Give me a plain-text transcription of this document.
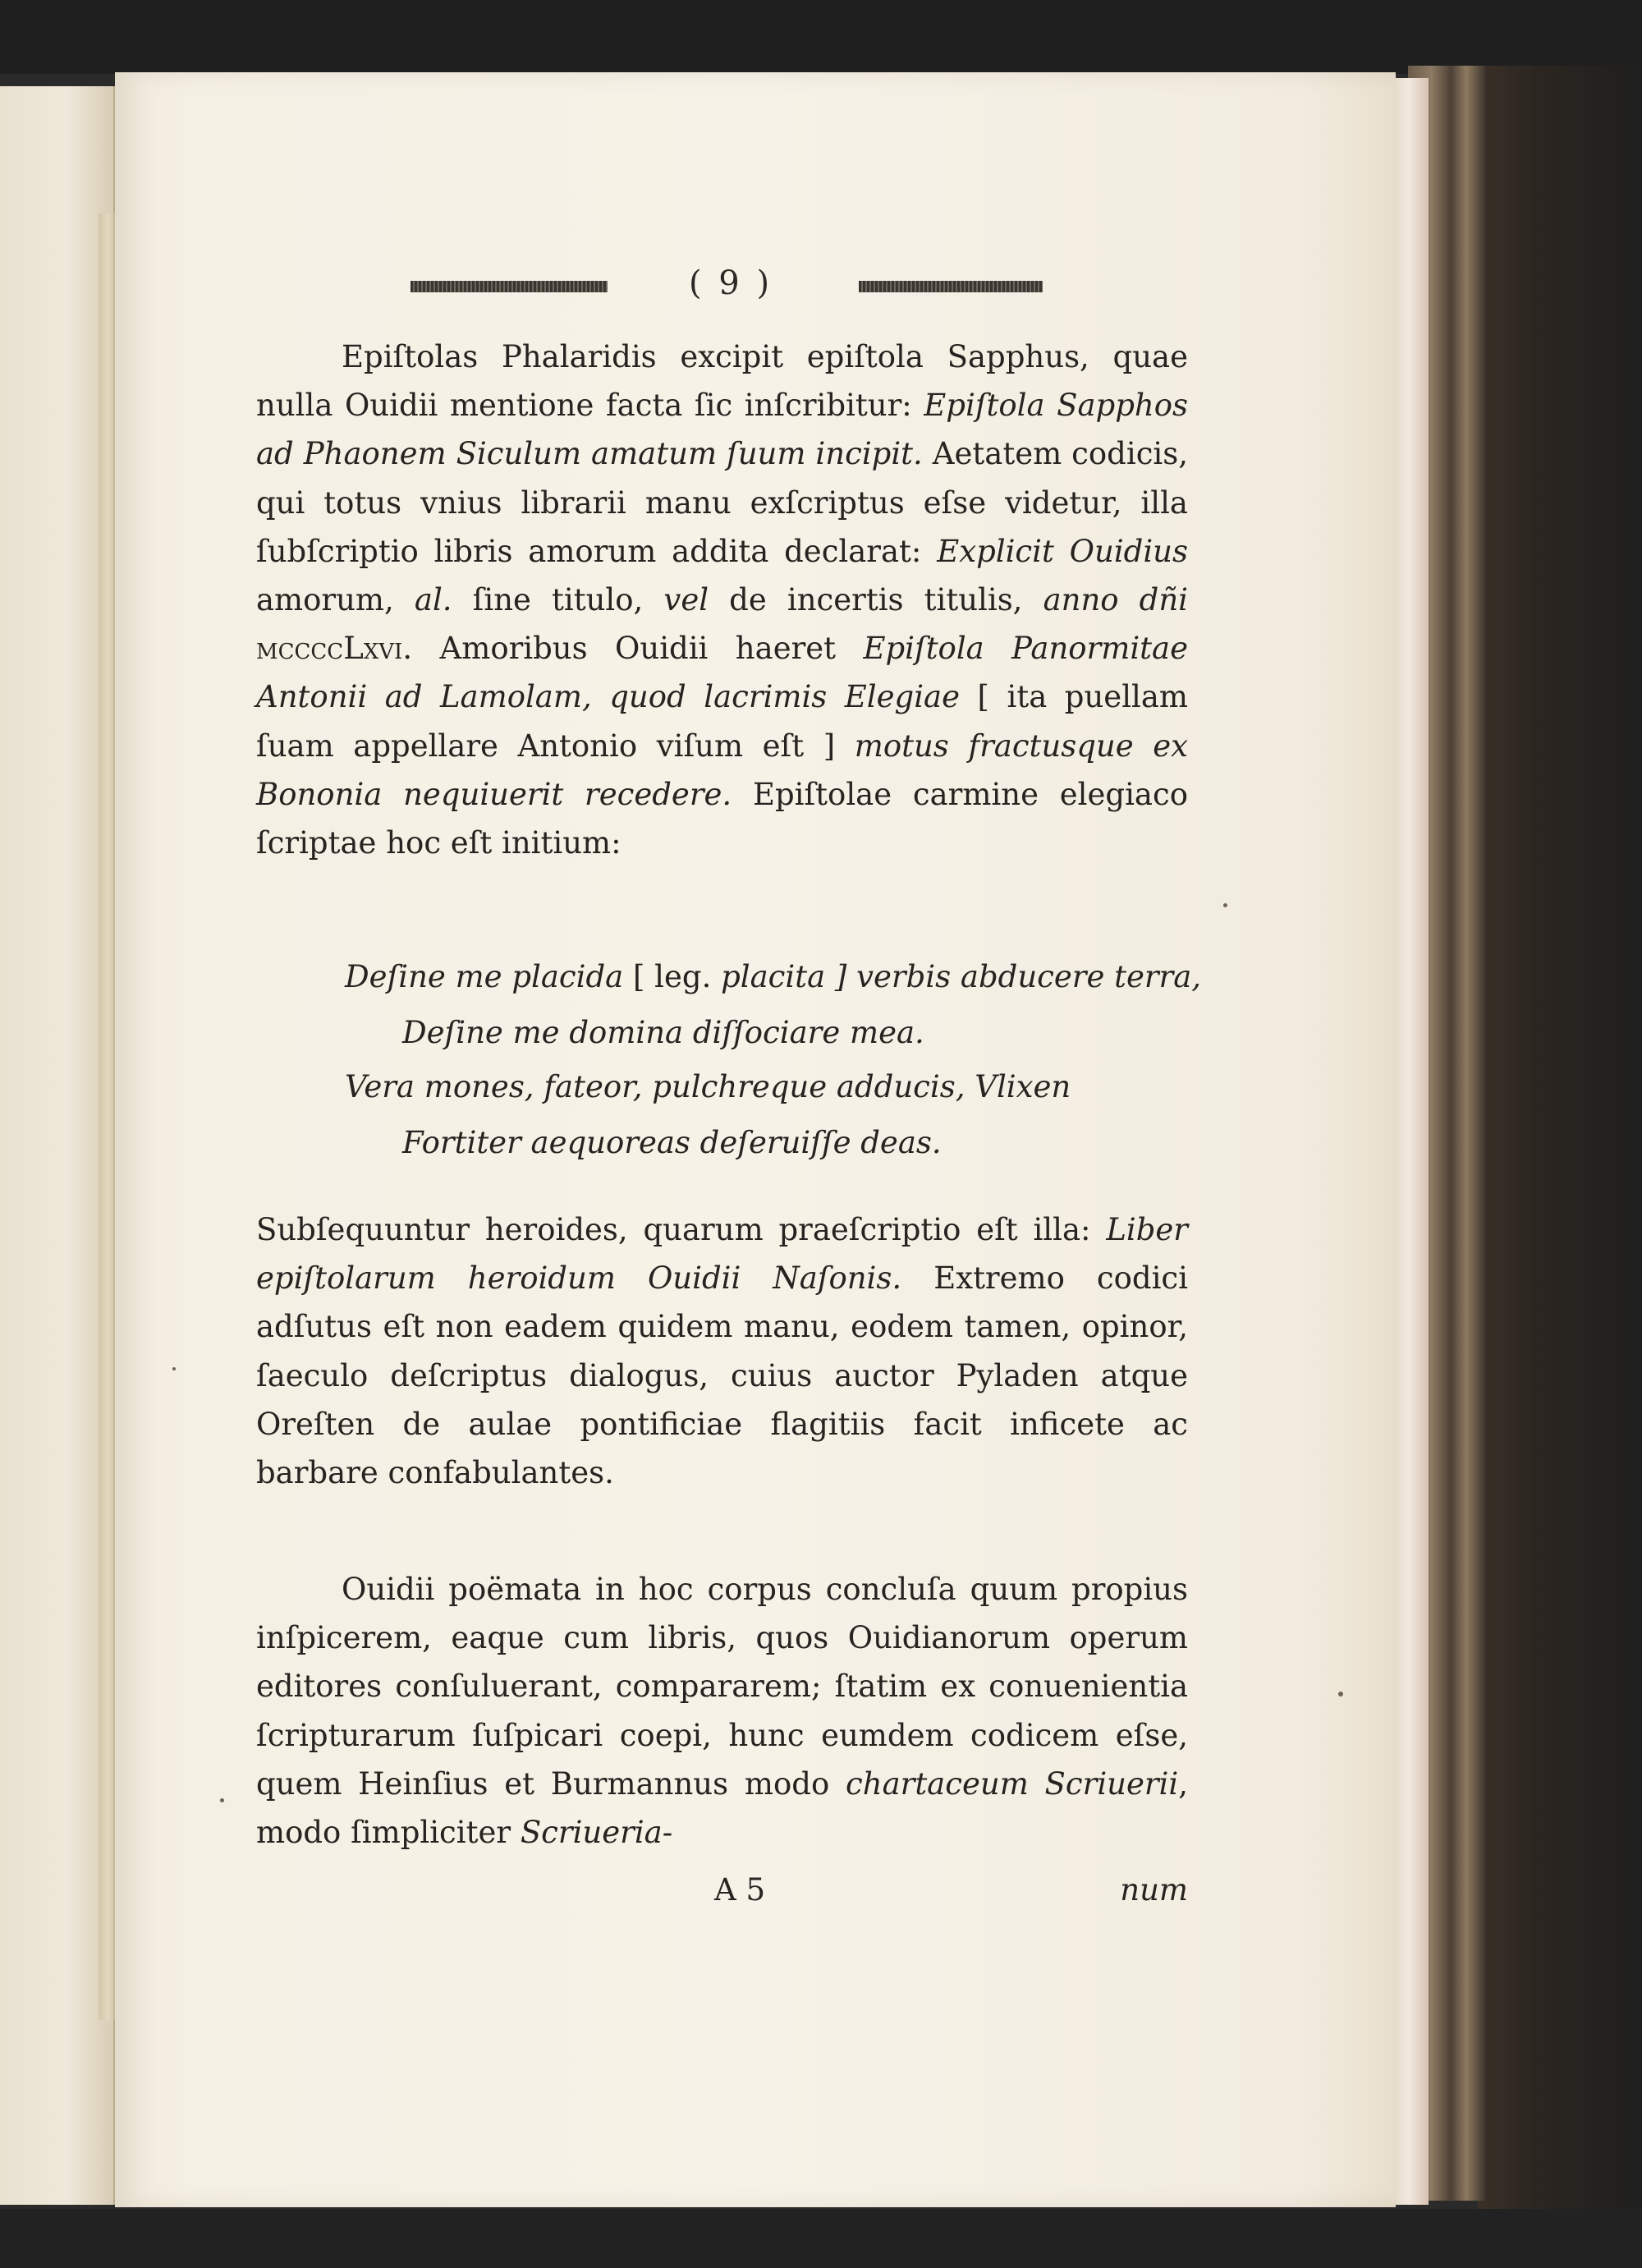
( 9 )

Epiſtolas Phalaridis excipit epiſtola Sapphus, quae nulla Ouidii mentione facta ſic inſcribitur: Epiſtola Sapphos ad Phaonem Siculum amatum ſuum incipit. Aetatem codicis, qui totus vnius librarii manu exſcriptus eſse videtur, illa ſubſcriptio libris amorum addita declarat: Explicit Ouidius amorum, al. ſine titulo, vel de incertis titulis, anno dñi mccccLxvi. Amoribus Ouidii haeret Epiſtola Panormitae Antonii ad Lamolam, quod lacrimis Elegiae [ ita puellam ſuam appellare Antonio viſum eſt ] motus fractusque ex Bononia nequiuerit recedere. Epiſtolae carmine elegiaco ſcriptae hoc eſt initium:

Deſine me placida [ leg. placita ] verbis abducere terra,
Deſine me domina diſſociare mea.
Vera mones, fateor, pulchreque adducis, Vlixen
Fortiter aequoreas deſeruiſſe deas.

Subſequuntur heroides, quarum praeſcriptio eſt illa: Liber epiſtolarum heroidum Ouidii Naſonis. Extremo codici adſutus eſt non eadem quidem manu, eodem tamen, opinor, ſaeculo deſcriptus dialogus, cuius auctor Pyladen atque Oreſten de aulae pontificiae flagitiis facit inficete ac barbare confabulantes.

Ouidii poëmata in hoc corpus concluſa quum propius inſpicerem, eaque cum libris, quos Ouidianorum operum editores conſuluerant, compararem; ſtatim ex conuenientia ſcripturarum ſuſpicari coepi, hunc eumdem codicem eſse, quem Heinſius et Burmannus modo chartaceum Scriuerii, modo ſimpliciter Scriueria-

A 5	num
